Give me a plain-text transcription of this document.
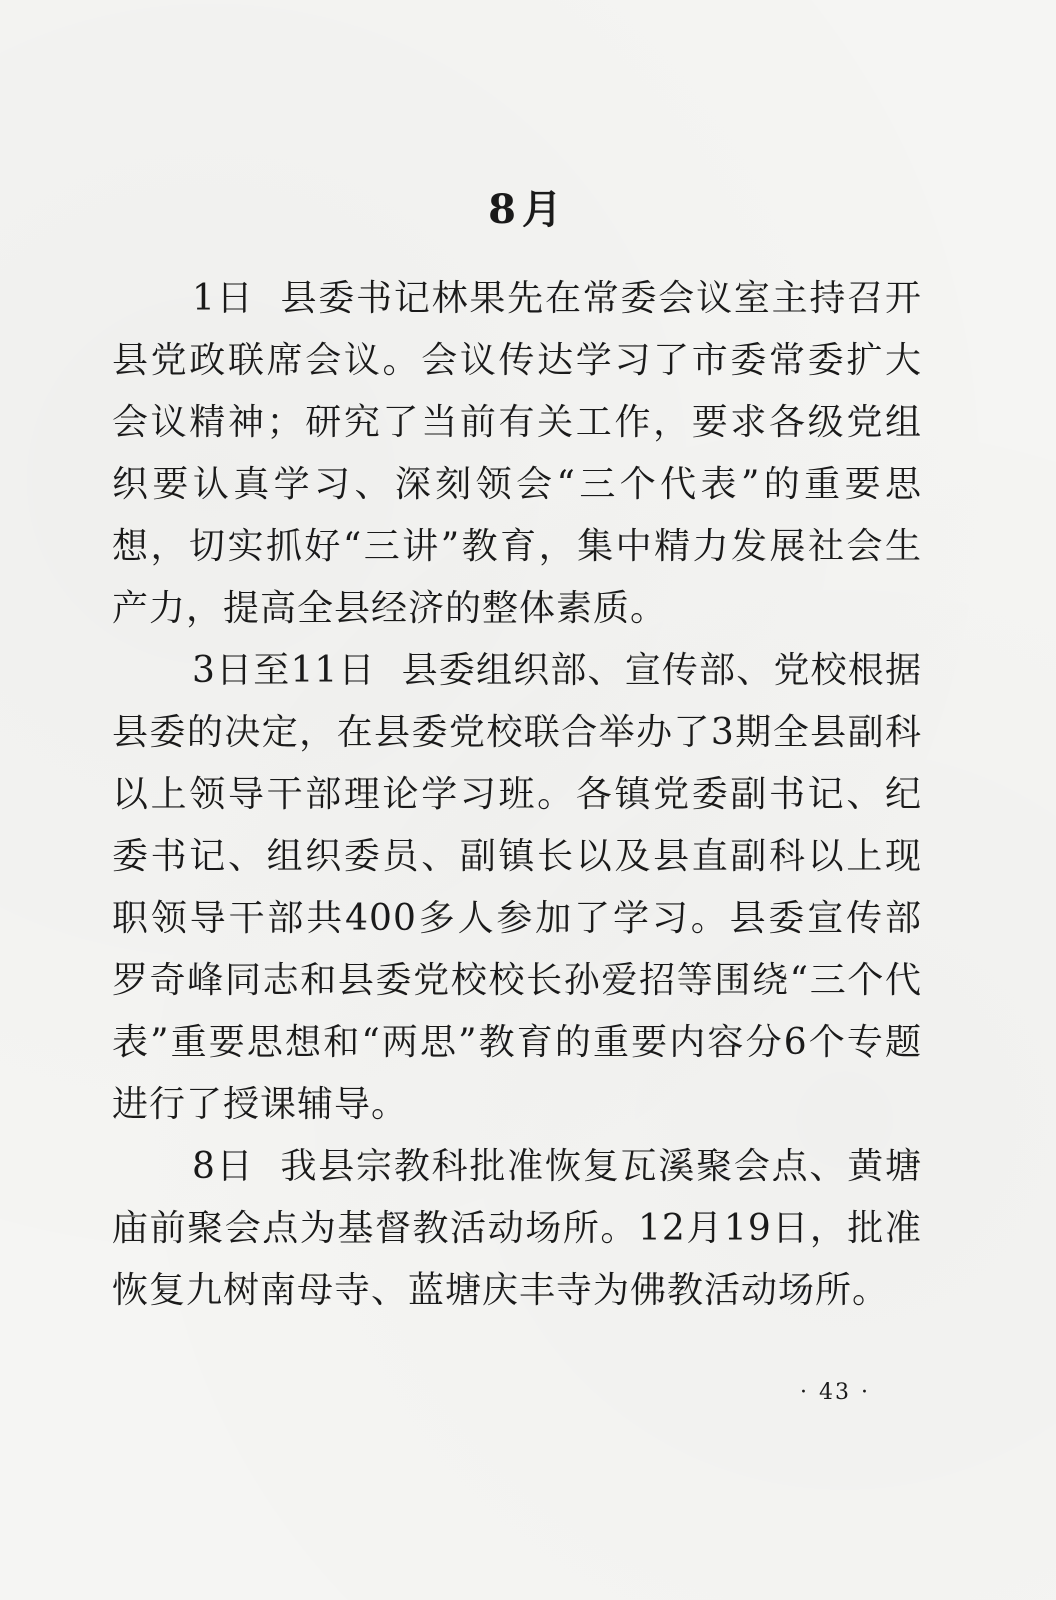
8月

1日 县委书记林果先在常委会议室主持召开县党政联席会议。会议传达学习了市委常委扩大会议精神；研究了当前有关工作，要求各级党组织要认真学习、深刻领会“三个代表”的重要思想，切实抓好“三讲”教育，集中精力发展社会生产力，提高全县经济的整体素质。

3日至11日 县委组织部、宣传部、党校根据县委的决定，在县委党校联合举办了3期全县副科以上领导干部理论学习班。各镇党委副书记、纪委书记、组织委员、副镇长以及县直副科以上现职领导干部共400多人参加了学习。县委宣传部罗奇峰同志和县委党校校长孙爱招等围绕“三个代表”重要思想和“两思”教育的重要内容分6个专题进行了授课辅导。

8日 我县宗教科批准恢复瓦溪聚会点、黄塘庙前聚会点为基督教活动场所。12月19日，批准恢复九树南母寺、蓝塘庆丰寺为佛教活动场所。

· 43 ·
